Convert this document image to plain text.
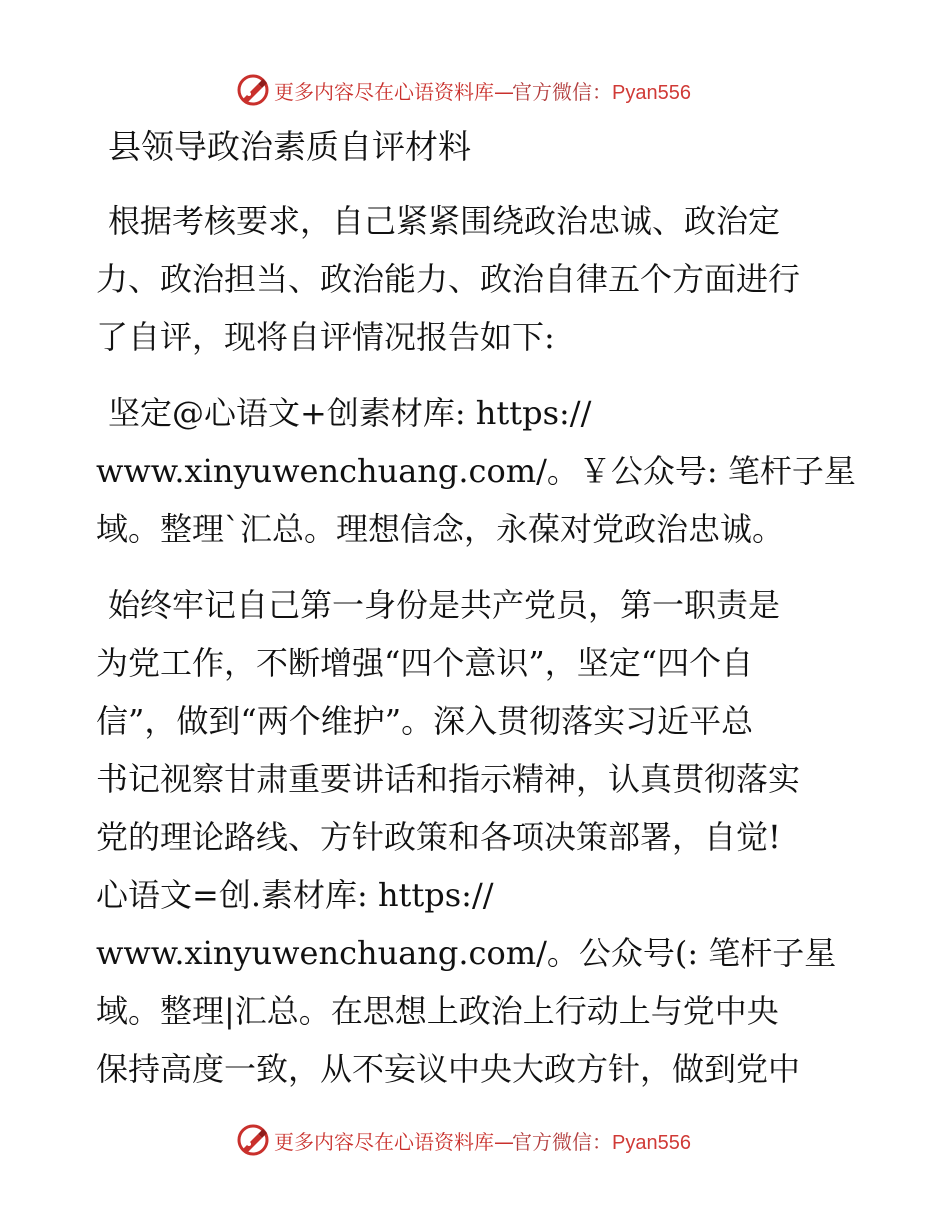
更多内容尽在心语资料库—官方微信：Pyan556
县领导政治素质自评材料
根据考核要求，自己紧紧围绕政治忠诚、政治定
力、政治担当、政治能力、政治自律五个方面进行
了自评，现将自评情况报告如下:
坚定@心语文+创素材库: https://
www.xinyuwenchuang.com/。￥公众号: 笔杆子星
域。整理`汇总。理想信念，永葆对党政治忠诚。
始终牢记自己第一身份是共产党员，第一职责是
为党工作，不断增强“四个意识”，坚定“四个自
信”，做到“两个维护”。深入贯彻落实习近平总
书记视察甘肃重要讲话和指示精神，认真贯彻落实
党的理论路线、方针政策和各项决策部署，自觉!
心语文=创.素材库: https://
www.xinyuwenchuang.com/。公众号(: 笔杆子星
域。整理|汇总。在思想上政治上行动上与党中央
保持高度一致，从不妄议中央大政方针，做到党中
更多内容尽在心语资料库—官方微信：Pyan556
